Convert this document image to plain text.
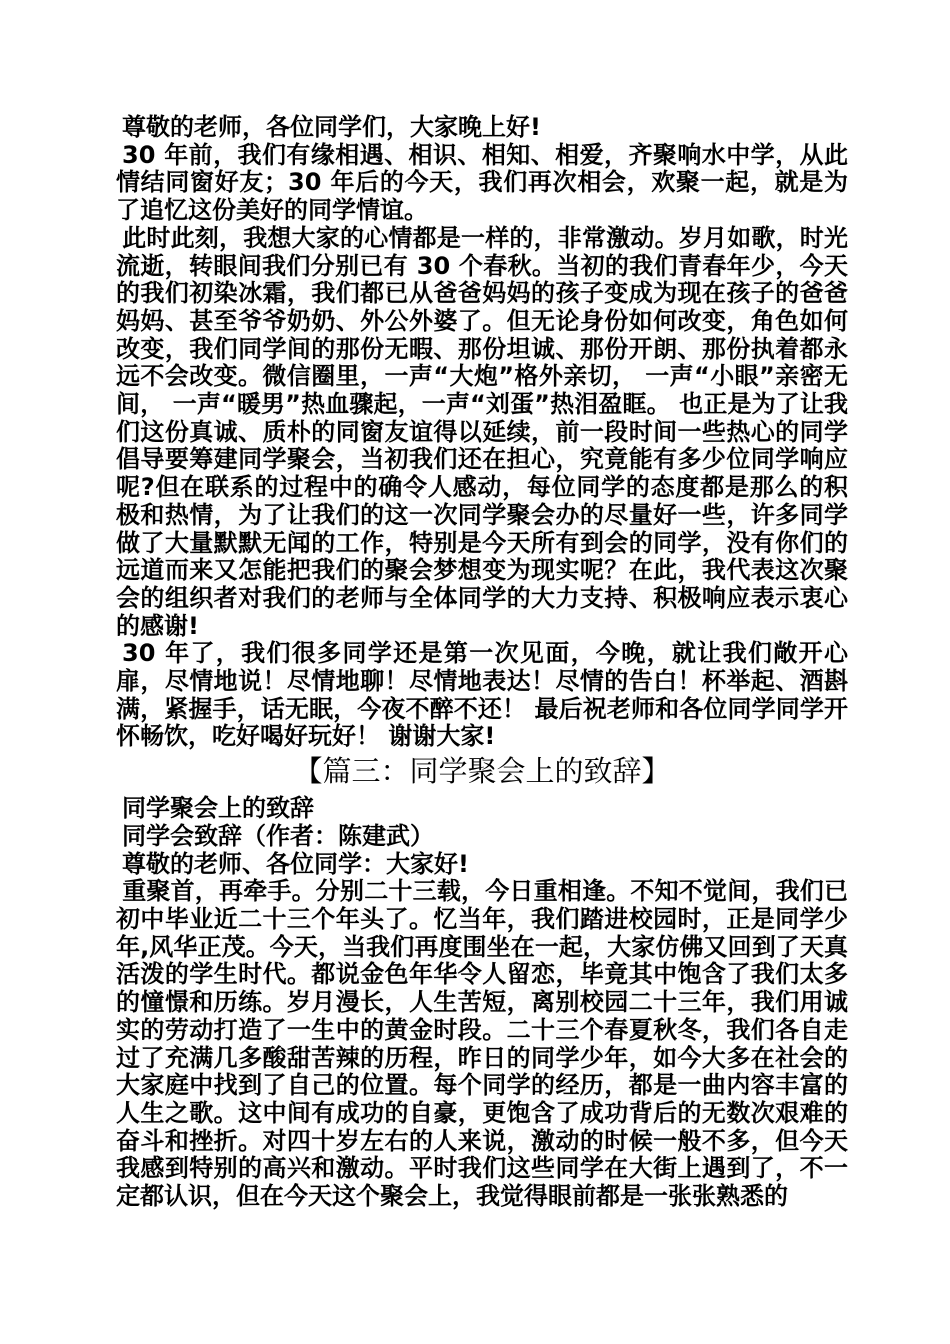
尊敬的老师，各位同学们，大家晚上好!

30 年前，我们有缘相遇、相识、相知、相爱，齐聚响水中学，从此情结同窗好友；30 年后的今天，我们再次相会，欢聚一起，就是为了追忆这份美好的同学情谊。

此时此刻，我想大家的心情都是一样的，非常激动。岁月如歌，时光流逝，转眼间我们分别已有 30 个春秋。当初的我们青春年少，今天的我们初染冰霜，我们都已从爸爸妈妈的孩子变成为现在孩子的爸爸妈妈、甚至爷爷奶奶、外公外婆了。但无论身份如何改变，角色如何改变，我们同学间的那份无暇、那份坦诚、那份开朗、那份执着都永远不会改变。微信圈里，一声“大炮”格外亲切， 一声“小眼”亲密无间， 一声“暖男”热血骤起，一声“刘蛋”热泪盈眶。 也正是为了让我们这份真诚、质朴的同窗友谊得以延续，前一段时间一些热心的同学倡导要筹建同学聚会，当初我们还在担心，究竟能有多少位同学响应呢?但在联系的过程中的确令人感动，每位同学的态度都是那么的积极和热情，为了让我们的这一次同学聚会办的尽量好一些，许多同学做了大量默默无闻的工作，特别是今天所有到会的同学，没有你们的远道而来又怎能把我们的聚会梦想变为现实呢？在此，我代表这次聚会的组织者对我们的老师与全体同学的大力支持、积极响应表示衷心的感谢!

30 年了，我们很多同学还是第一次见面，今晚，就让我们敞开心扉，尽情地说！尽情地聊！尽情地表达！尽情的告白！杯举起、酒斟满，紧握手，话无眠，今夜不醉不还！ 最后祝老师和各位同学同学开怀畅饮，吃好喝好玩好！ 谢谢大家!

【篇三：同学聚会上的致辞】

同学聚会上的致辞

同学会致辞（作者：陈建武）

尊敬的老师、各位同学：大家好!

重聚首，再牵手。分别二十三载，今日重相逢。不知不觉间，我们已初中毕业近二十三个年头了。忆当年，我们踏进校园时，正是同学少年,风华正茂。今天，当我们再度围坐在一起，大家仿佛又回到了天真活泼的学生时代。都说金色年华令人留恋，毕竟其中饱含了我们太多的憧憬和历练。岁月漫长，人生苦短，离别校园二十三年，我们用诚实的劳动打造了一生中的黄金时段。二十三个春夏秋冬，我们各自走过了充满几多酸甜苦辣的历程，昨日的同学少年，如今大多在社会的大家庭中找到了自己的位置。每个同学的经历，都是一曲内容丰富的人生之歌。这中间有成功的自豪，更饱含了成功背后的无数次艰难的奋斗和挫折。对四十岁左右的人来说，激动的时候一般不多，但今天我感到特别的高兴和激动。平时我们这些同学在大街上遇到了，不一定都认识，但在今天这个聚会上，我觉得眼前都是一张张熟悉的
